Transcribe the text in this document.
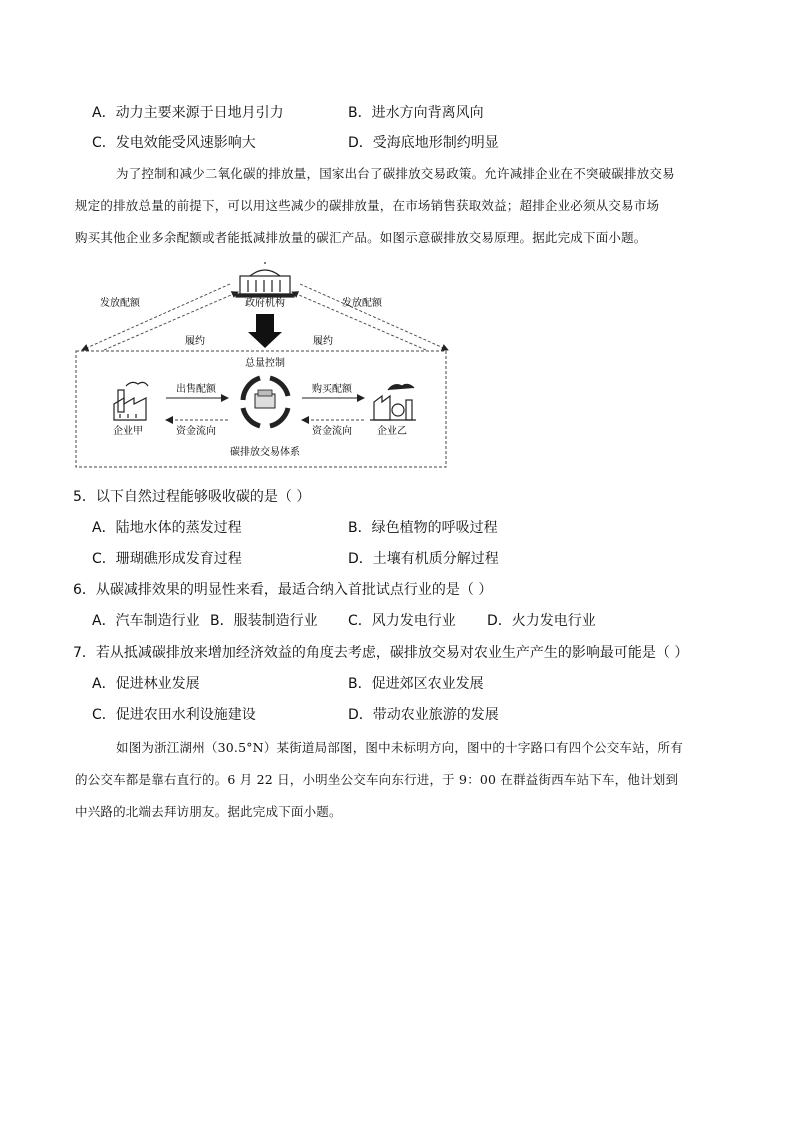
A．动力主要来源于日地月引力	B．进水方向背离风向
C．发电效能受风速影响大	D．受海底地形制约明显
为了控制和减少二氧化碳的排放量，国家出台了碳排放交易政策。允许减排企业在不突破碳排放交易
规定的排放总量的前提下，可以用这些减少的碳排放量，在市场销售获取效益；超排企业必须从交易市场
购买其他企业多余配额或者能抵减排放量的碳汇产品。如图示意碳排放交易原理。据此完成下面小题。
政府机构
发放配额	发放配额
履约	履约
总量控制
企业甲	企业乙
出售配额	购买配额
资金流向	资金流向
碳排放交易体系
5．以下自然过程能够吸收碳的是（ ）
A．陆地水体的蒸发过程	B．绿色植物的呼吸过程
C．珊瑚礁形成发育过程	D．土壤有机质分解过程
6．从碳减排效果的明显性来看，最适合纳入首批试点行业的是（ ）
A．汽车制造行业 B．服装制造行业 C．风力发电行业 D．火力发电行业
7．若从抵减碳排放来增加经济效益的角度去考虑，碳排放交易对农业生产产生的影响最可能是（ ）
A．促进林业发展	B．促进郊区农业发展
C．促进农田水利设施建设	D．带动农业旅游的发展
如图为浙江湖州（30.5°N）某街道局部图，图中未标明方向，图中的十字路口有四个公交车站，所有
的公交车都是靠右直行的。6 月 22 日，小明坐公交车向东行进，于 9：00 在群益街西车站下车，他计划到
中兴路的北端去拜访朋友。据此完成下面小题。
